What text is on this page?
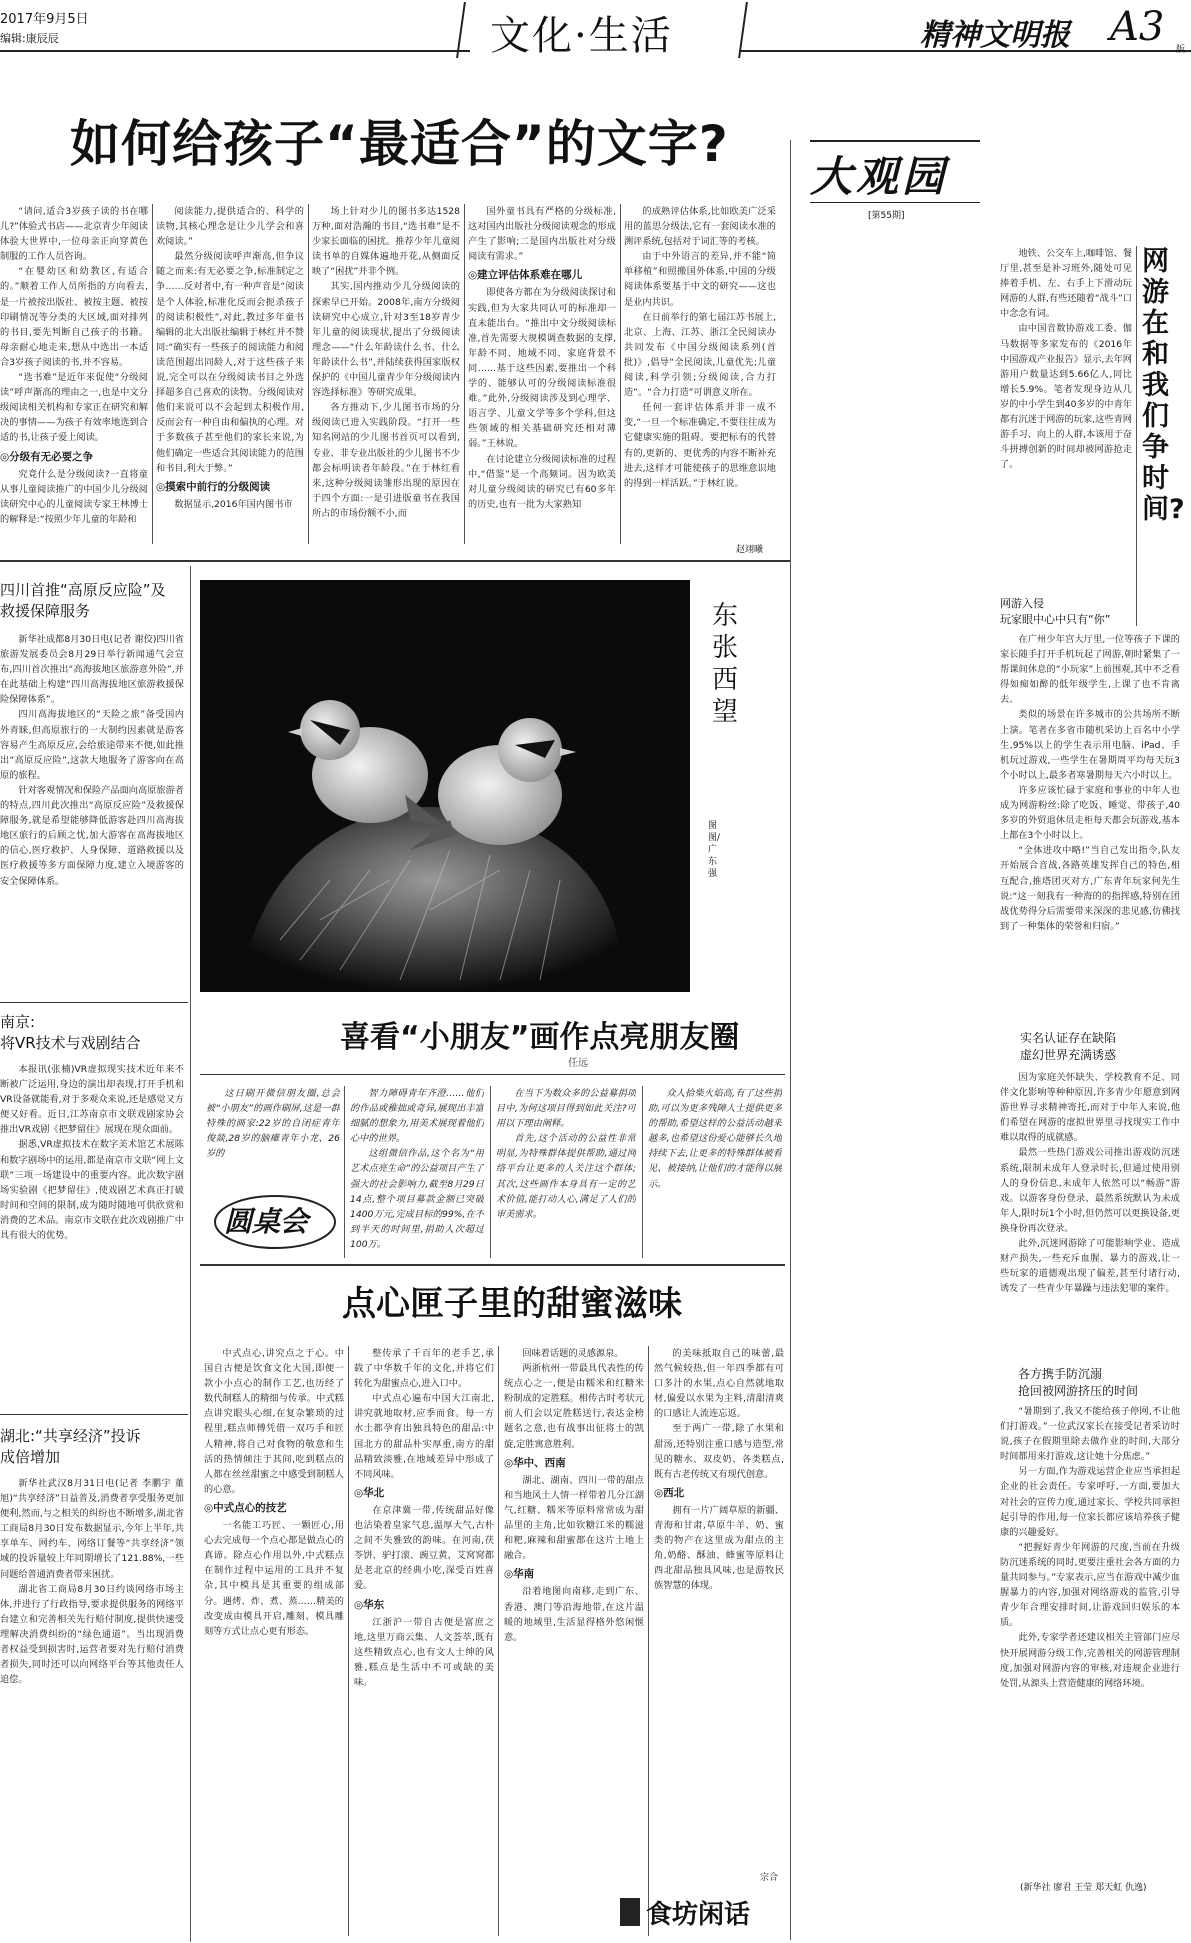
2017年9月5日
编辑:康辰辰	文化·生活	精神文明报 A3 版
如何给孩子“最适合”的文字?

“请问,适合3岁孩子读的书在哪儿?”体验式书店——北京青少年阅读体验大世界中,一位母亲正向穿黄色制服的工作人员咨询。

“在婴幼区和幼教区,有适合的。”顺着工作人员所指的方向看去,是一片被按出版社、被按主题、被按印刷情况等分类的大区域,面对排列的书目,要先判断自己孩子的书籍。母亲耐心地走来,想从中选出一本适合3岁孩子阅读的书,并不容易。

“选书难”是近年来促使“分级阅读”呼声渐高的理由之一,也是中文分级阅读相关机构和专家正在研究和解决的事情——为孩子有效率地选到合适的书,让孩子爱上阅读。

◎分级有无必要之争

究竟什么是分级阅读?一直将童从事儿童阅读推广的中国少儿分级阅读研究中心的儿童阅读专家王林博士的解释是:“按照少年儿童的年龄和

阅读能力,提供适合的、科学的读物,其核心理念是让少儿学会和喜欢阅读。”

最然分级阅读呼声渐高,但争议随之而来:有无必要之争,标准制定之争……反对者中,有一种声音是“阅读是个人体验,标准化反而会扼杀孩子的阅读积极性”,对此,教过多年童书编辑的北大出版社编辑于林红并不赞同:“确实有一些孩子的阅读能力和阅读范围超出同龄人,对于这些孩子来说,完全可以在分级阅读书目之外选择超多自己喜欢的读物。分级阅读对他们来说可以不会起到太积极作用,反而会有一种自由和偏执的心理。对于多数孩子甚至他们的家长来说,为他们确定一些适合其阅读能力的范围和书目,利大于弊。”

◎摸索中前行的分级阅读

数据显示,2016年国内图书市

场上针对少儿的图书多达1528万种,面对浩瀚的书目,“选书难”是不少家长面临的困扰。推荐少年儿童阅读书单的自媒体遍地开花,从侧面反映了“困扰”并非个例。

其实,国内推动少儿分级阅读的探索早已开始。2008年,南方分级阅读研究中心成立,针对3至18岁青少年儿童的阅读现状,提出了分级阅读理念——“什么年龄读什么书、什么年龄读什么书”,并陆续获得国家版权保护的《中国儿童青少年分级阅读内容选择标准》等研究成果。

各方推动下,少儿图书市场的分级阅读已进入实践阶段。“打开一些知名网站的少儿图书首页可以看到,专业、非专业出版社的少儿图书不少都会标明读者年龄段。”在于林红看来,这种分级阅读雏形出现的原因在于四个方面:一是引进版童书在我国所占的市场份额不小,而

国外童书具有严格的分级标准,这对国内出版社分级阅读观念的形成产生了影响;二是国内出版社对分级阅读有需求。”

◎建立评估体系难在哪儿

即使各方都在为分级阅读探讨和实践,但为大家共同认可的标准却一直未能出台。“推出中文分级阅读标准,首先需要大规模调查数据的支撑,年龄不同、地域不同、家庭背景不同……基于这些因素,要推出一个科学的、能够认可的分级阅读标准很难。”此外,分级阅读涉及到心理学、语言学、儿童文学等多个学科,但这些领域的相关基础研究还相对薄弱。”王林说。

在讨论建立分级阅读标准的过程中,“借鉴”是一个高频词。因为欧美对儿童分级阅读的研究已有60多年的历史,也有一批为大家熟知

的成熟评估体系,比如欧美广泛采用的蓝思分级法,它有一套阅读水准的测评系统,包括对于词汇等的考核。

由于中外语言的差异,并不能“简单移植”和照搬国外体系,中国的分级阅读体系要基于中文的研究——这也是业内共识。

在日前举行的第七届江苏书展上,北京、上海、江苏、浙江全民阅读办共同发布《中国分级阅读系列(首批)》,倡导“全民阅读,儿童优先;儿童阅读,科学引领;分级阅读,合力打造”。“合力打造”可谓意义所在。

任何一套评估体系并非一成不变,“一旦一个标准确定,不要往往成为它健康实施的阻碍。要把标有的代替有的,更新的、更优秀的内容不断补充进去,这样才可能使孩子的思维意识地的得到一样活跃。”于林红说。

赵翊曦
大观园
[第55期]
网游在和我们争时间?

地铁、公交车上,咖啡馆、餐厅里,甚至是补习班外,随处可见捧着手机、左、右手上下滑动玩网游的人群,有些还随着“战斗”口中念念有词。

由中国音数协游戏工委、伽马数据等多家发布的《2016年中国游戏产业报告》显示,去年网游用户数量达到5.66亿人,同比增长5.9%。笔者发现身边从几岁的中小学生到40多岁的中青年都有沉迷于网游的玩家,这些青网游手习、向上的人群,本该用于奋斗拼搏创新的时间却被网游抢走了。

网游入侵
玩家眼中心中只有“你”

在广州少年宫大厅里,一位等孩子下课的家长随手打开手机玩起了网游,朝时紧集了一帮课间休息的“小玩家”上前围观,其中不乏看得如痴如醉的低年级学生,上课了也不肯离去。

类似的场景在许多城市的公共场所不断上演。笔者在多省市随机采访上百名中小学生,95%以上的学生表示用电脑、iPad、手机玩过游戏,一些学生在暑期周平均每天玩3个小时以上,最多者寒暑期每天六小时以上。

许多应该忙碌于家庭和事业的中年人也成为网游粉丝:除了吃饭、睡觉、带孩子,40多岁的外贸退休员走柜每天都会玩游戏,基本上都在3个小时以上。

“全体进攻中略!”当自己发出指令,队友开始展合音战,各路英雄发挥自己的特色,相互配合,推塔团灭对方,广东青年玩家何先生说:“这一刻我有一种海的的指挥感,特别在团战优势得分后需要带来深深的悲见感,仿佛找到了一种集体的荣誉和归宿。”

实名认证存在缺陷
虚幻世界充满诱惑

因为家庭关怀缺失、学校教育不足、同伴文化影响等种种原因,许多青少年愿意到网游世界寻求精神寄托,而对于中年人来说,他们希望在网游的虚拟世界里寻找现实工作中难以取得的成就感。

最然一些热门游戏公司推出游戏防沉迷系统,限制未成年人登录时长,但通过使用别人的身份信息,未成年人依然可以“畅游”游戏。以游客身份登录、最然系统默认为未成年人,限时玩1个小时,但仍然可以更换设备,更换身份再次登录。

此外,沉迷网游除了可能影响学业、造成财产损失,一些充斥血腥、暴力的游戏,让一些玩家的道德观出现了偏差,甚至付诸行动,诱发了一些青少年暴躁与违法犯罪的案件。

各方携手防沉溺
抢回被网游挤压的时间

“暑期到了,我又不能给孩子停网,不让他们打游戏。”一位武汉家长在接受记者采访时说,孩子在假期里除去做作业的时间,大部分时间都用来打游戏,这让她十分焦虑。”

另一方面,作为游戏运营企业应当承担起企业的社会责任。专家呼吁,一方面,要加大对社会的宣传力度,通过家长、学校共同承担起引导的作用,每一位家长都应该培养孩子健康的兴趣爱好。

“把握好青少年网游的尺度,当前在升级防沉迷系统的同时,更要注重社会各方面的力量共同参与。”专家表示,应当在游戏中减少血腥暴力的内容,加强对网络游戏的监管,引导青少年合理安排时间,让游戏回归娱乐的本质。

此外,专家学者还建议相关主管部门应尽快开展网游分级工作,完善相关的网游管理制度,加强对网游内容的审核,对违规企业进行处罚,从源头上营造健康的网络环境。

(新华社 廖君 王莹 郑天虹 仇逸)
四川首推“高原反应险”及救援保障服务

新华社成都8月30日电(记者 谢佼)四川省旅游发展委员会8月29日举行新闻通气会宣布,四川首次推出“高海拔地区旅游意外险”,并在此基础上构建“四川高海拔地区旅游救援保险保障体系”。

四川高海拔地区的“天险之旅”备受国内外青睐,但高原旅行的一大制约因素就是游客容易产生高原反应,会给旅途带来不便,如此推出“高原反应险”,这款大地服务了游客向在高原的旅程。

针对客观情况和保险产品面向高原旅游者的特点,四川此次推出“高原反应险”及救援保障服务,就是希望能够降低游客赴四川高海拔地区旅行的后顾之忧,加大游客在高海拔地区的信心,医疗救护、人身保障、道路救援以及医疗救援等多方面保障力度,建立入境游客的安全保障体系。

南京:
将VR技术与戏剧结合

本报讯(张楠)VR虚拟现实技术近年来不断被广泛运用,身边的演出却表现,打开手机和VR设备就能看,对于多观众来说,还是感觉又方便又好看。近日,江苏南京市文联戏剧家协会推出VR戏剧《把梦留住》展现在现众面前。

据悉,VR虚拟技术在数字美术馆艺术展陈和数字剧场中的运用,都是南京市文联“网上文联”三项一场建设中的重要内容。此次数字剧场实验剧《把梦留住》,使戏剧艺术真正打破时间和空间的限制,成为随时随地可供欣赏和消费的艺术品。南京市文联在此次戏剧推广中具有很大的优势。

湖北:“共享经济”投诉
成倍增加

新华社武汉8月31日电(记者 李鹏宇 董旭)“共享经济”日益普及,消费者享受服务更加便利,然而,与之相关的纠纷也不断增多,湖北省工商局8月30日发布数据显示,今年上半年,共享单车、网约车、网络订餐等“共享经济”领域的投诉量较上年同期增长了121.88%,一些问题给普通消费者带来困扰。

湖北省工商局8月30日约谈网络市场主体,并进行了行政指导,要求提供服务的网络平台建立和完善相关先行赔付制度,提供快速受理解决消费纠纷的“绿色通道”。当出现消费者权益受到损害时,运营者要对先行赔付消费者损失,同时还可以向网络平台等其他责任人追偿。

东张西望
图图/广东强
喜看“小朋友”画作点亮朋友圈
任远

这日刷开微信朋友圈,总会被“小朋友”的画作刷屏,这是一群特殊的画家:22岁的自闭症青年俊燚,28岁的脑瘫青年小龙、26岁的

圆桌会

智力障碍青年齐澄……他们的作品或稚拙或奇异,展现出丰富细腻的想象力,用美术展现着他们心中的世界。

这组微信作品,这个名为“用艺术点亮生命”的公益项目产生了强大的社会影响力,截至8月29日14点,整个项目募款金额已突破1400万元,完成目标的99%,在不到半天的时间里,捐助人次超过100万。

在当下为数众多的公益募捐项目中,为何这项目得到如此关注?可用以下理由阐释。

首先,这个活动的公益性非常明显,为特殊群体提供帮助,通过网络平台让更多的人关注这个群体;其次,这些画作本身具有一定的艺术价值,能打动人心,满足了人们的审美需求。

众人拾柴火焰高,有了这些捐助,可以为更多残障人士提供更多的帮助,希望这样的公益活动越来越多,也希望这份爱心能够长久地持续下去,让更多的特殊群体被看见、被接纳,让他们的才能得以展示。

点心匣子里的甜蜜滋味

中式点心,讲究点之于心。中国自古便是饮食文化大国,即便一款小小点心的制作工艺,也历经了数代制糕人的精细与传承。中式糕点讲究眼头心细,在复杂繁琐的过程里,糕点师傅凭借一双巧手和匠人精神,将自己对食物的敬意和生活的热情倾注于其间,吃到糕点的人都在丝丝甜蜜之中感受到制糕人的心意。

◎中式点心的技艺

一名能工巧匠、一颗匠心,用心去完成每一个点心都是做点心的真谛。除点心作用以外,中式糕点在制作过程中运用的工具并不复杂,其中模具是其重要的组成部分。遇烤、炸、煮、蒸……精美的改变成由模具开启,雕刻、模具雕刻等方式让点心更有形态。

整传承了千百年的老手艺,承载了中华数千年的文化,并将它们转化为甜蜜点心,进入口中。

中式点心遍布中国大江南北,讲究就地取材,应季而食。每一方水土都孕育出独具特色的甜品:中国北方的甜品朴实厚重,南方的甜品精致淡雅,在地域差异中形成了不同风味。

◎华北

在京津冀一带,传统甜品好像也沾染着皇家气息,温厚大气,古朴之间不失雅致的韵味。在河南,茯苓饼、驴打滚、豌豆黄、艾窝窝都是老北京的经典小吃,深受百姓喜爱。

◎华东

江浙沪一带自古便是富庶之地,这里万商云集、人文荟萃,既有这些精致点心,也有文人士绅的风雅,糕点是生活中不可或缺的美味。

回味着话题的灵感源泉。

两浙杭州一带最具代表性的传统点心之一,便是由糯米和红糖米粉制成的定胜糕。相传古时考状元前人们会以定胜糕送行,表达金榜题名之意,也有战事出征将士的凯旋,定胜寓意胜利。

◎华中、西南

湖北、湖南、四川一带的甜点和当地风土人情一样带着几分江湖气,红糖、糯米等原料常常成为甜品里的主角,比如钦糖江米的糯滋和粑,麻辣和甜蜜都在这片土地上融合。

◎华南

沿着地图向南移,走到广东、香港、澳门等沿海地带,在这片温暖的地域里,生活显得格外悠闲惬意。

的美味抵取自己的味蕾,最然气候较热,但一年四季都有可口多汁的水果,点心自然就地取材,偏爱以水果为主料,清甜清爽的口感让人流连忘返。

至于两广一带,除了水果和甜汤,还特别注重口感与造型,常见的糖水、双皮奶、各类糕点,既有古老传统又有现代创意。

◎西北

拥有一片广阔草原的新疆、青海和甘肃,草原牛羊、奶、蜜类的物产在这里成为甜点的主角,奶酪、酥油、蜂蜜等原料让西北甜品独具风味,也是游牧民族智慧的体现。

宗合
食坊闲话
